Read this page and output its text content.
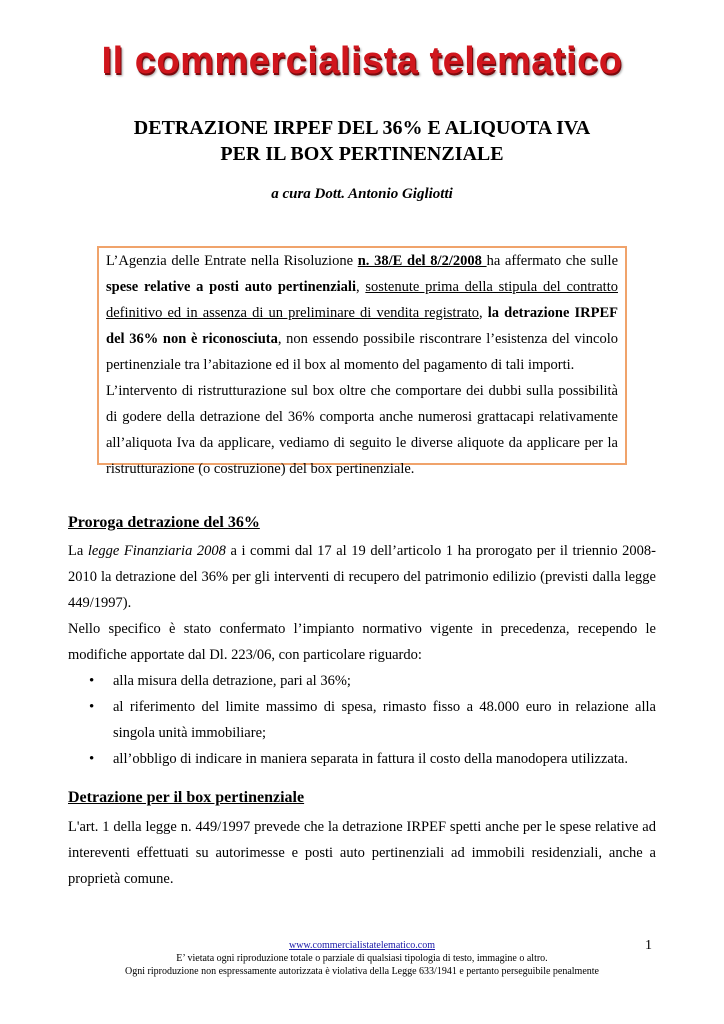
Il commercialista telematico
DETRAZIONE IRPEF DEL 36% E ALIQUOTA IVA
PER IL BOX PERTINENZIALE
a cura Dott. Antonio Gigliotti

L’Agenzia delle Entrate nella Risoluzione n. 38/E del 8/2/2008 ha affermato che sulle spese relative a posti auto pertinenziali, sostenute prima della stipula del contratto definitivo ed in assenza di un preliminare di vendita registrato, la detrazione IRPEF del 36% non è riconosciuta, non essendo possibile riscontrare l’esistenza del vincolo pertinenziale tra l’abitazione ed il box al momento del pagamento di tali importi.

L’intervento di ristrutturazione sul box oltre che comportare dei dubbi sulla possibilità di godere della detrazione del 36% comporta anche numerosi grattacapi relativamente all’aliquota Iva da applicare, vediamo di seguito le diverse aliquote da applicare per la ristrutturazione (o costruzione) del box pertinenziale.

Proroga detrazione del 36%

La legge Finanziaria 2008 a i commi dal 17 al 19 dell’articolo 1 ha prorogato per il triennio 2008-2010 la detrazione del 36% per gli interventi di recupero del patrimonio edilizio (previsti dalla legge 449/1997).

Nello specifico è stato confermato l’impianto normativo vigente in precedenza, recependo le modifiche apportate dal Dl. 223/06, con particolare riguardo:

• alla misura della detrazione, pari al 36%;
• al riferimento del limite massimo di spesa, rimasto fisso a 48.000 euro in relazione alla singola unità immobiliare;
• all’obbligo di indicare in maniera separata in fattura il costo della manodopera utilizzata.
Detrazione per il box pertinenziale

L'art. 1 della legge n. 449/1997 prevede che la detrazione IRPEF spetti anche per le spese relative ad intereventi effettuati su autorimesse e posti auto pertinenziali ad immobili residenziali, anche a proprietà comune.

www.commercialistatelematico.com
E’ vietata ogni riproduzione totale o parziale di qualsiasi tipologia di testo, immagine o altro.
Ogni riproduzione non espressamente autorizzata è violativa della Legge 633/1941 e pertanto perseguibile penalmente
1
